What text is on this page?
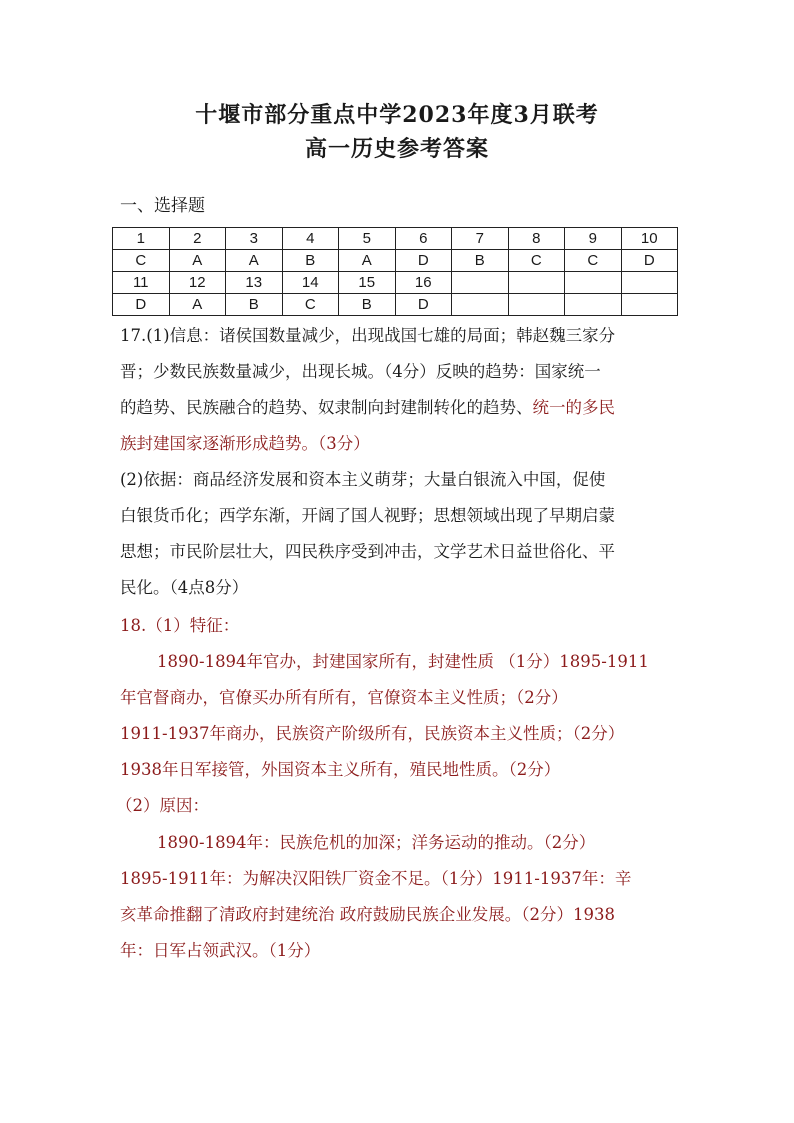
十堰市部分重点中学2023年度3月联考
高一历史参考答案
一、选择题
1	2	3	4	5	6	7	8	9	10
C	A	A	B	A	D	B	C	C	D
11	12	13	14	15	16				
D	A	B	C	B	D				
17.(1)信息：诸侯国数量减少，出现战国七雄的局面；韩赵魏三家分
晋；少数民族数量减少，出现长城。（4分）反映的趋势：国家统一
的趋势、民族融合的趋势、奴隶制向封建制转化的趋势、统一的多民
族封建国家逐渐形成趋势。（3分）
(2)依据：商品经济发展和资本主义萌芽；大量白银流入中国，促使
白银货币化；西学东渐，开阔了国人视野；思想领域出现了早期启蒙
思想；市民阶层壮大，四民秩序受到冲击，文学艺术日益世俗化、平
民化。（4点8分）
18.（1）特征：
1890-1894年官办，封建国家所有，封建性质 （1分）1895-1911
年官督商办，官僚买办所有所有，官僚资本主义性质；（2分）
1911-1937年商办，民族资产阶级所有，民族资本主义性质；（2分）
1938年日军接管，外国资本主义所有，殖民地性质。（2分）
（2）原因：
1890-1894年：民族危机的加深；洋务运动的推动。（2分）
1895-1911年：为解决汉阳铁厂资金不足。（1分）1911-1937年：辛
亥革命推翻了清政府封建统治 政府鼓励民族企业发展。（2分）1938
年：日军占领武汉。（1分）
